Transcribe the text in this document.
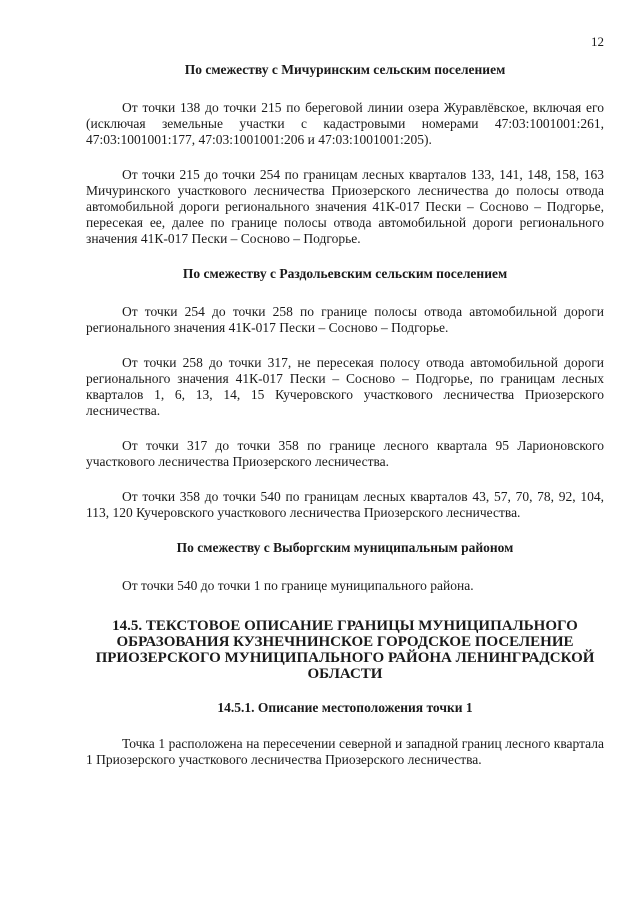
12
По смежеству с Мичуринским сельским поселением

От точки 138 до точки 215 по береговой линии озера Журавлёвское, включая его (исключая земельные участки с кадастровыми номерами 47:03:1001001:261, 47:03:1001001:177, 47:03:1001001:206 и 47:03:1001001:205).

От точки 215 до точки 254 по границам лесных кварталов 133, 141, 148, 158, 163 Мичуринского участкового лесничества Приозерского лесничества до полосы отвода автомобильной дороги регионального значения 41К-017 Пески – Сосново – Подгорье, пересекая ее, далее по границе полосы отвода автомобильной дороги регионального значения 41К-017 Пески – Сосново – Подгорье.

По смежеству с Раздольевским сельским поселением

От точки 254 до точки 258 по границе полосы отвода автомобильной дороги регионального значения 41К-017 Пески – Сосново – Подгорье.

От точки 258 до точки 317, не пересекая полосу отвода автомобильной дороги регионального значения 41К-017 Пески – Сосново – Подгорье, по границам лесных кварталов 1, 6, 13, 14, 15 Кучеровского участкового лесничества Приозерского лесничества.

От точки 317 до точки 358 по границе лесного квартала 95 Ларионовского участкового лесничества Приозерского лесничества.

От точки 358 до точки 540 по границам лесных кварталов 43, 57, 70, 78, 92, 104, 113, 120 Кучеровского участкового лесничества Приозерского лесничества.

По смежеству с Выборгским муниципальным районом

От точки 540 до точки 1 по границе муниципального района.

14.5. ТЕКСТОВОЕ ОПИСАНИЕ ГРАНИЦЫ МУНИЦИПАЛЬНОГО ОБРАЗОВАНИЯ КУЗНЕЧНИНСКОЕ ГОРОДСКОЕ ПОСЕЛЕНИЕ ПРИОЗЕРСКОГО МУНИЦИПАЛЬНОГО РАЙОНА ЛЕНИНГРАДСКОЙ ОБЛАСТИ
14.5.1. Описание местоположения точки 1

Точка 1 расположена на пересечении северной и западной границ лесного квартала 1 Приозерского участкового лесничества Приозерского лесничества.
